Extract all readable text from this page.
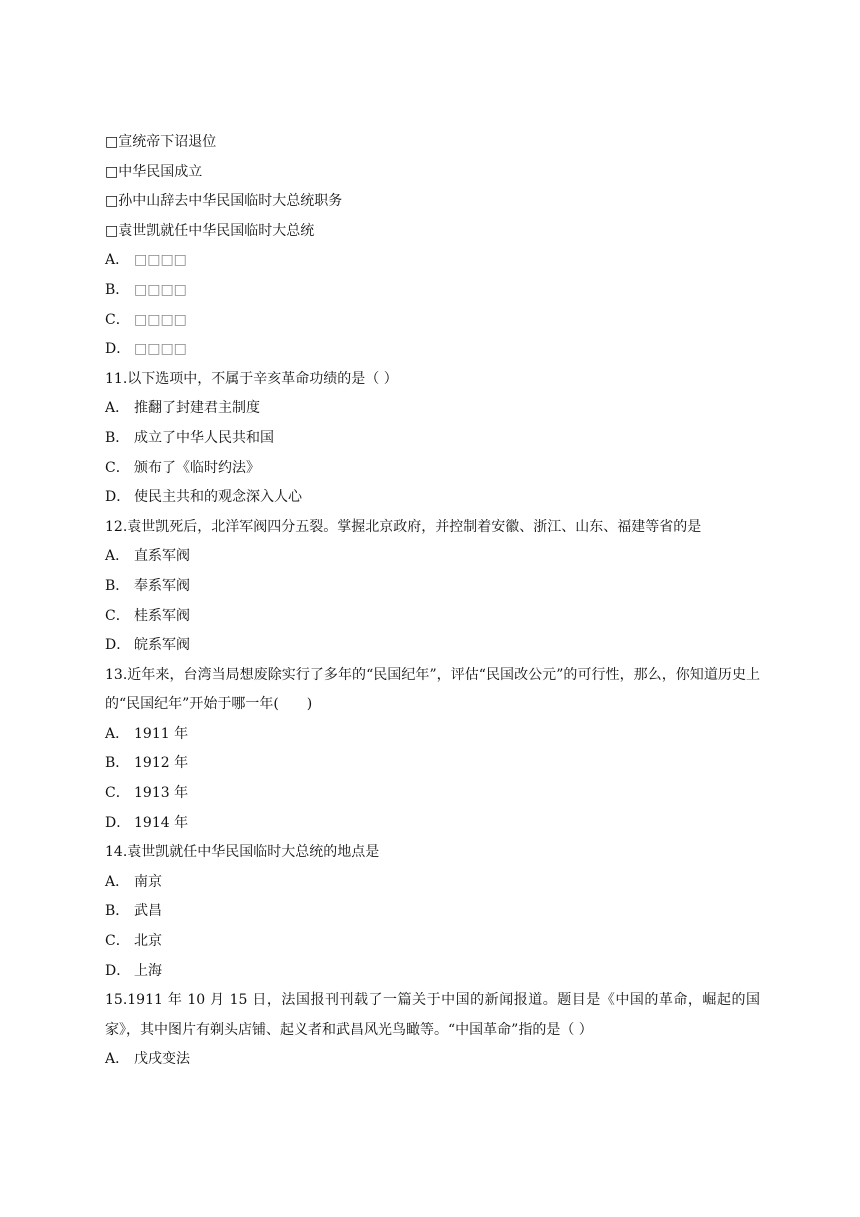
□宣统帝下诏退位
□中华民国成立
□孙中山辞去中华民国临时大总统职务
□袁世凯就任中华民国临时大总统
A． □□□□
B． □□□□
C． □□□□
D． □□□□
11.以下选项中，不属于辛亥革命功绩的是（ ）
A． 推翻了封建君主制度
B． 成立了中华人民共和国
C． 颁布了《临时约法》
D． 使民主共和的观念深入人心
12.袁世凯死后，北洋军阀四分五裂。掌握北京政府，并控制着安徽、浙江、山东、福建等省的是
A． 直系军阀
B． 奉系军阀
C． 桂系军阀
D． 皖系军阀
13.近年来，台湾当局想废除实行了多年的“民国纪年”，评估“民国改公元”的可行性，那么，你知道历史上的“民国纪年”开始于哪一年(　　)
A． 1911 年
B． 1912 年
C． 1913 年
D． 1914 年
14.袁世凯就任中华民国临时大总统的地点是
A． 南京
B． 武昌
C． 北京
D． 上海
15.1911 年 10 月 15 日，法国报刊刊载了一篇关于中国的新闻报道。题目是《中国的革命，崛起的国家》，其中图片有剃头店铺、起义者和武昌风光鸟瞰等。“中国革命”指的是（ ）
A． 戊戌变法
